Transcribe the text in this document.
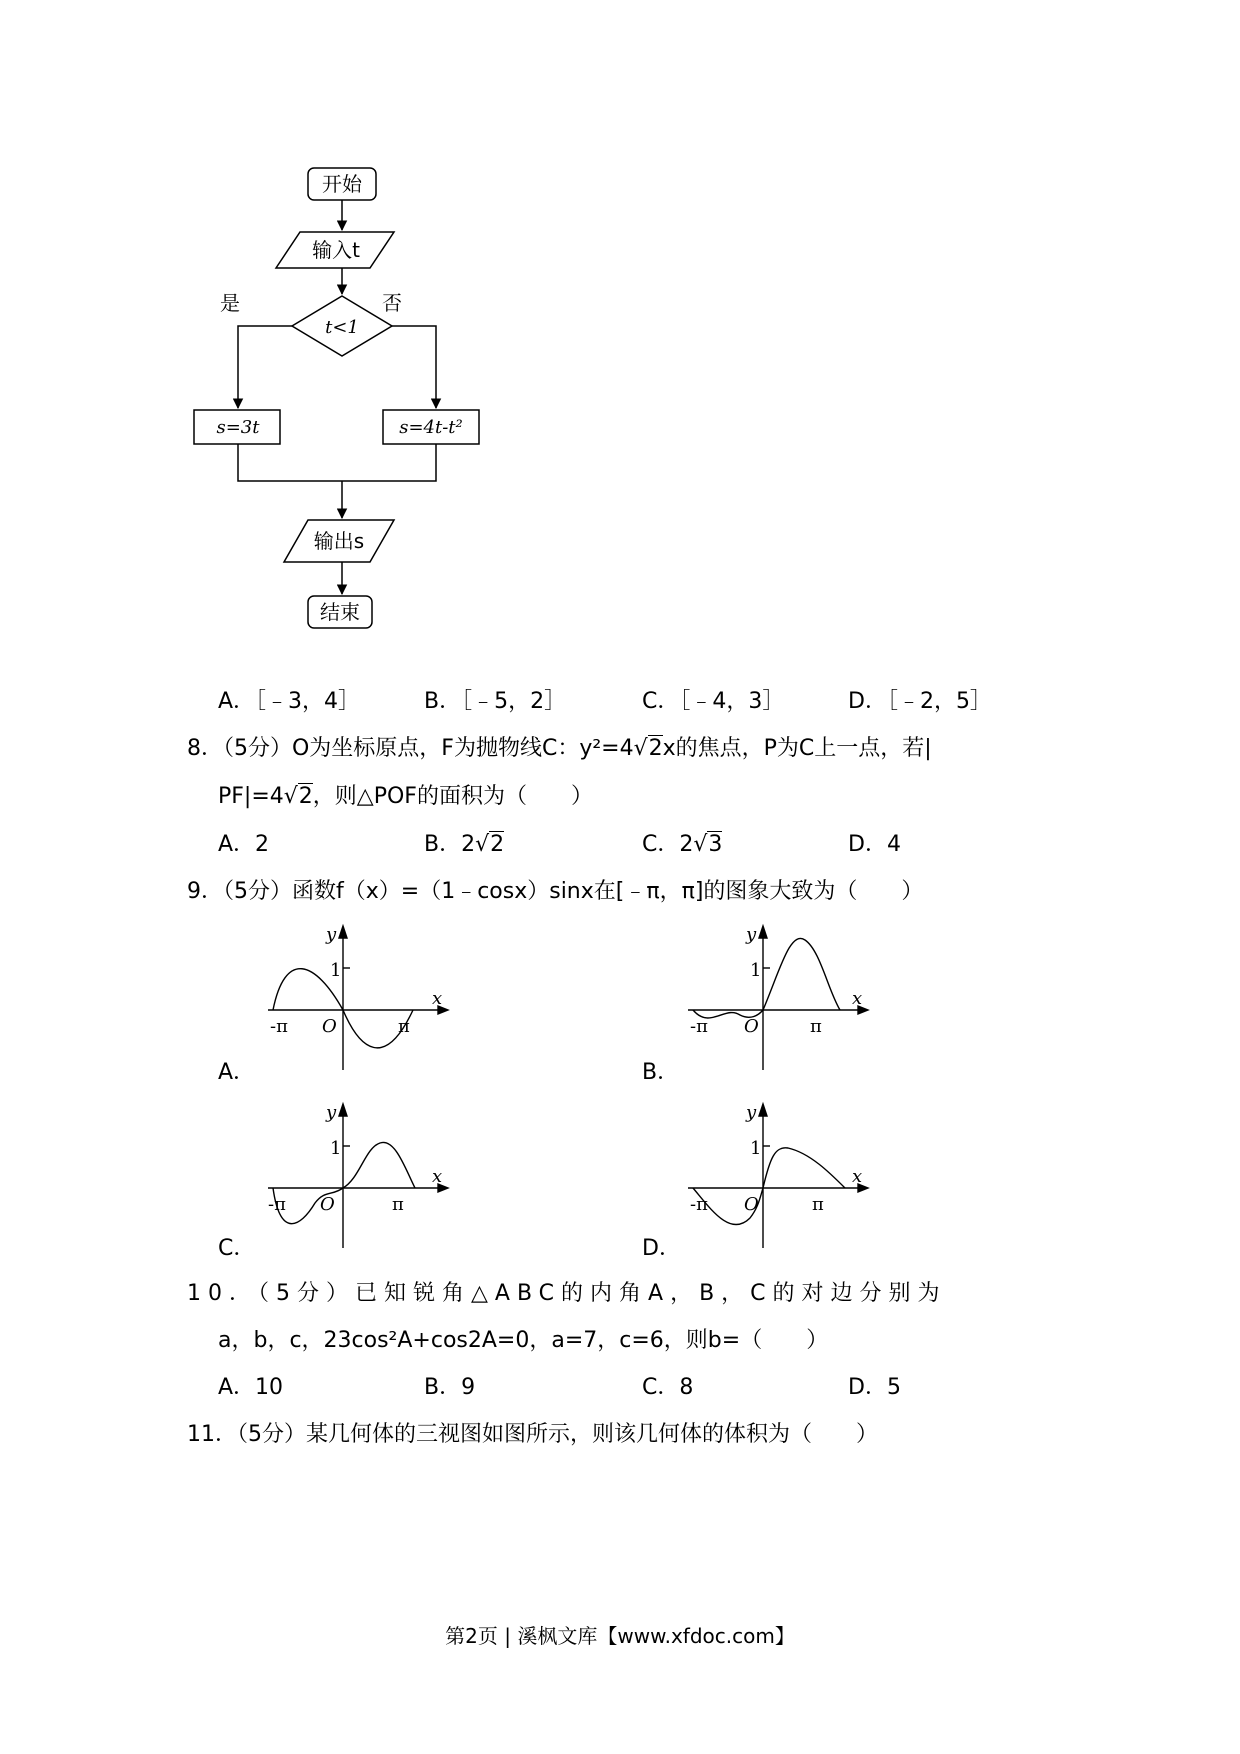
开始
输入t
t<1
是	否
s=3t	s=4t-t²
输出s
结束
A．［﹣3，4］	B．［﹣5，2］	C．［﹣4，3］	D．［﹣2，5］
8．（5分）O为坐标原点，F为抛物线C：y²=4√2x的焦点，P为C上一点，若|
PF|=4√2，则△POF的面积为（　　）
A．2	B．2√2	C．2√3	D．4
9．（5分）函数f（x）=（1﹣cosx）sinx在[﹣π，π]的图象大致为（　　）
y
x
O
1
-π	π
A．
y
x
O
1
-π	π
B．
y
x
O
1
-π	π
C．
y
x
O
1
-π	π
D．
10．（5分）已知锐角△ABC的内角A，B，C的对边分别为
a，b，c，23cos²A+cos2A=0，a=7，c=6，则b=（　　）
A．10	B．9	C．8	D．5
11．（5分）某几何体的三视图如图所示，则该几何体的体积为（　　）
第2页 | 溪枫文库【www.xfdoc.com】
